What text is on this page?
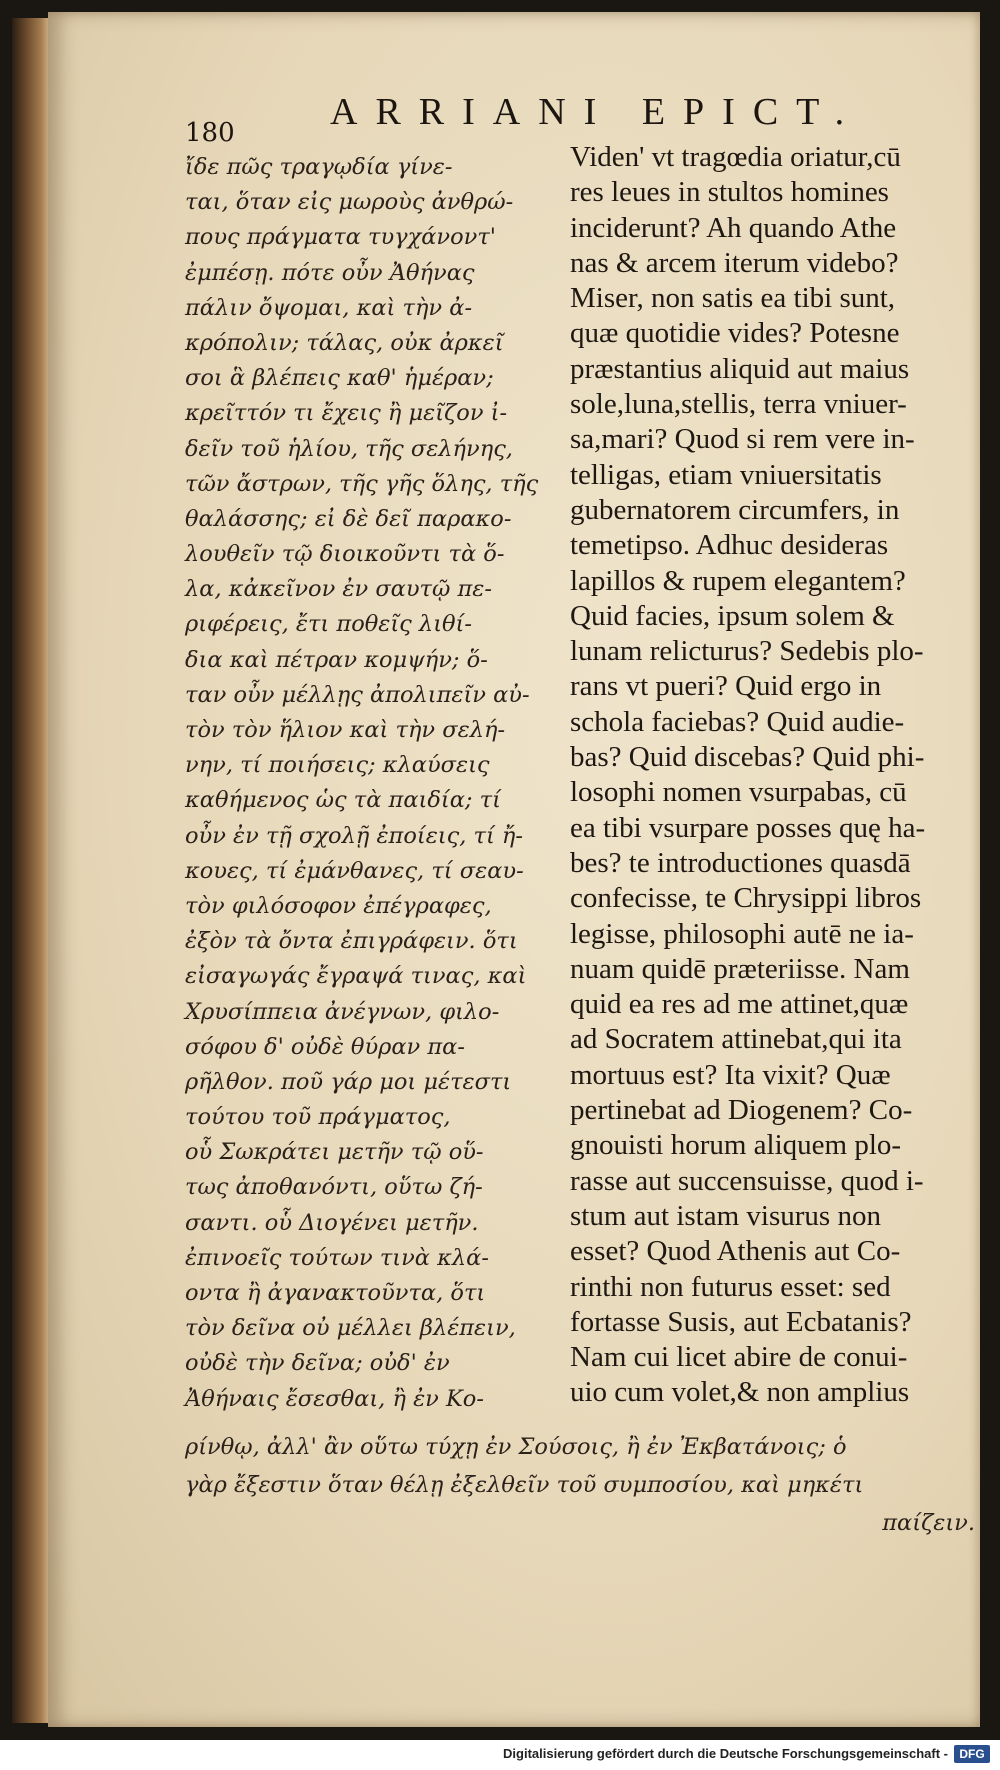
180	ARRIANI EPICT.
ἴδε πῶς τραγῳδία γίνε-
ται, ὅταν εἰς μωροὺς ἀνθρώ-
πους πράγματα τυγχάνοντ'
ἐμπέσῃ. πότε οὖν Ἀθήνας
πάλιν ὄψομαι, καὶ τὴν ἀ-
κρόπολιν; τάλας, οὐκ ἀρκεῖ
σοι ἃ βλέπεις καθ' ἡμέραν;
κρεῖττόν τι ἔχεις ἢ μεῖζον ἰ-
δεῖν τοῦ ἡλίου, τῆς σελήνης,
τῶν ἄστρων, τῆς γῆς ὅλης, τῆς
θαλάσσης; εἰ δὲ δεῖ παρακο-
λουθεῖν τῷ διοικοῦντι τὰ ὅ-
λα, κἀκεῖνον ἐν σαυτῷ πε-
ριφέρεις, ἔτι ποθεῖς λιθί-
δια καὶ πέτραν κομψήν; ὅ-
ταν οὖν μέλλῃς ἀπολιπεῖν αὐ-
τὸν τὸν ἥλιον καὶ τὴν σελή-
νην, τί ποιήσεις; κλαύσεις
καθήμενος ὡς τὰ παιδία; τί
οὖν ἐν τῇ σχολῇ ἐποίεις, τί ἤ-
κουες, τί ἐμάνθανες, τί σεαυ-
τὸν φιλόσοφον ἐπέγραφες,
ἐξὸν τὰ ὄντα ἐπιγράφειν. ὅτι
εἰσαγωγάς ἔγραψά τινας, καὶ
Χρυσίππεια ἀνέγνων, φιλο-
σόφου δ' οὐδὲ θύραν πα-
ρῆλθον. ποῦ γάρ μοι μέτεστι
τούτου τοῦ πράγματος,
οὗ Σωκράτει μετῆν τῷ οὕ-
τως ἀποθανόντι, οὕτω ζή-
σαντι. οὗ Διογένει μετῆν.
ἐπινοεῖς τούτων τινὰ κλά-
οντα ἢ ἀγανακτοῦντα, ὅτι
τὸν δεῖνα οὐ μέλλει βλέπειν,
οὐδὲ τὴν δεῖνα; οὐδ' ἐν
Ἀθήναις ἔσεσθαι, ἢ ἐν Κο-
Viden' vt tragœdia oriatur,cū
res leues in stultos homines
inciderunt? Ah quando Athe
nas & arcem iterum videbo?
Miser, non satis ea tibi sunt,
quæ quotidie vides? Potesne
præstantius aliquid aut maius
sole,luna,stellis, terra vniuer-
sa,mari? Quod si rem vere in-
telligas, etiam vniuersitatis
gubernatorem circumfers, in
temetipso. Adhuc desideras
lapillos & rupem elegantem?
Quid facies, ipsum solem &
lunam relicturus? Sedebis plo-
rans vt pueri? Quid ergo in
schola faciebas? Quid audie-
bas? Quid discebas? Quid phi-
losophi nomen vsurpabas, cū
ea tibi vsurpare posses quę ha-
bes? te introductiones quasdā
confecisse, te Chrysippi libros
legisse, philosophi autē ne ia-
nuam quidē præteriisse. Nam
quid ea res ad me attinet,quæ
ad Socratem attinebat,qui ita
mortuus est? Ita vixit? Quæ
pertinebat ad Diogenem? Co-
gnouisti horum aliquem plo-
rasse aut succensuisse, quod i-
stum aut istam visurus non
esset? Quod Athenis aut Co-
rinthi non futurus esset: sed
fortasse Susis, aut Ecbatanis?
Nam cui licet abire de conui-
uio cum volet,& non amplius
ρίνθῳ, ἀλλ' ἂν οὕτω τύχῃ ἐν Σούσοις, ἢ ἐν Ἐκβατάνοις; ὁ
γὰρ ἔξεστιν ὅταν θέλῃ ἐξελθεῖν τοῦ συμποσίου, καὶ μηκέτι
παίζειν.
Digitalisierung gefördert durch die Deutsche Forschungsgemeinschaft - DFG
